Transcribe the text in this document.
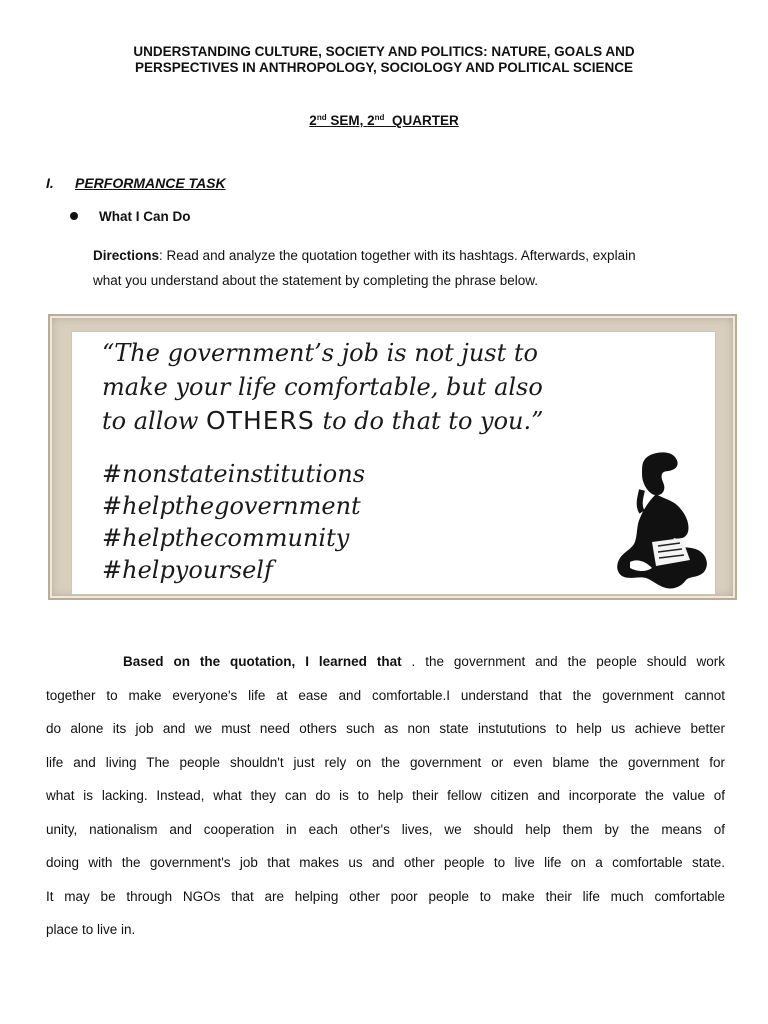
UNDERSTANDING CULTURE, SOCIETY AND POLITICS: NATURE, GOALS AND
PERSPECTIVES IN ANTHROPOLOGY, SOCIOLOGY AND POLITICAL SCIENCE
2nd SEM, 2nd QUARTER
I. PERFORMANCE TASK
What I Can Do
Directions: Read and analyze the quotation together with its hashtags. Afterwards, explain
what you understand about the statement by completing the phrase below.
“The government’s job is not just to
make your life comfortable, but also
to allow OTHERS to do that to you.”
#nonstateinstitutions
#helpthegovernment
#helpthecommunity
#helpyourself
Based on the quotation, I learned that . the government and the people should work
together to make everyone's life at ease and comfortable.I understand that the government cannot
do alone its job and we must need others such as non state instututions to help us achieve better
life and living The people shouldn't just rely on the government or even blame the government for
what is lacking. Instead, what they can do is to help their fellow citizen and incorporate the value of
unity, nationalism and cooperation in each other's lives, we should help them by the means of
doing with the government's job that makes us and other people to live life on a comfortable state.
It may be through NGOs that are helping other poor people to make their life much comfortable
place to live in.
